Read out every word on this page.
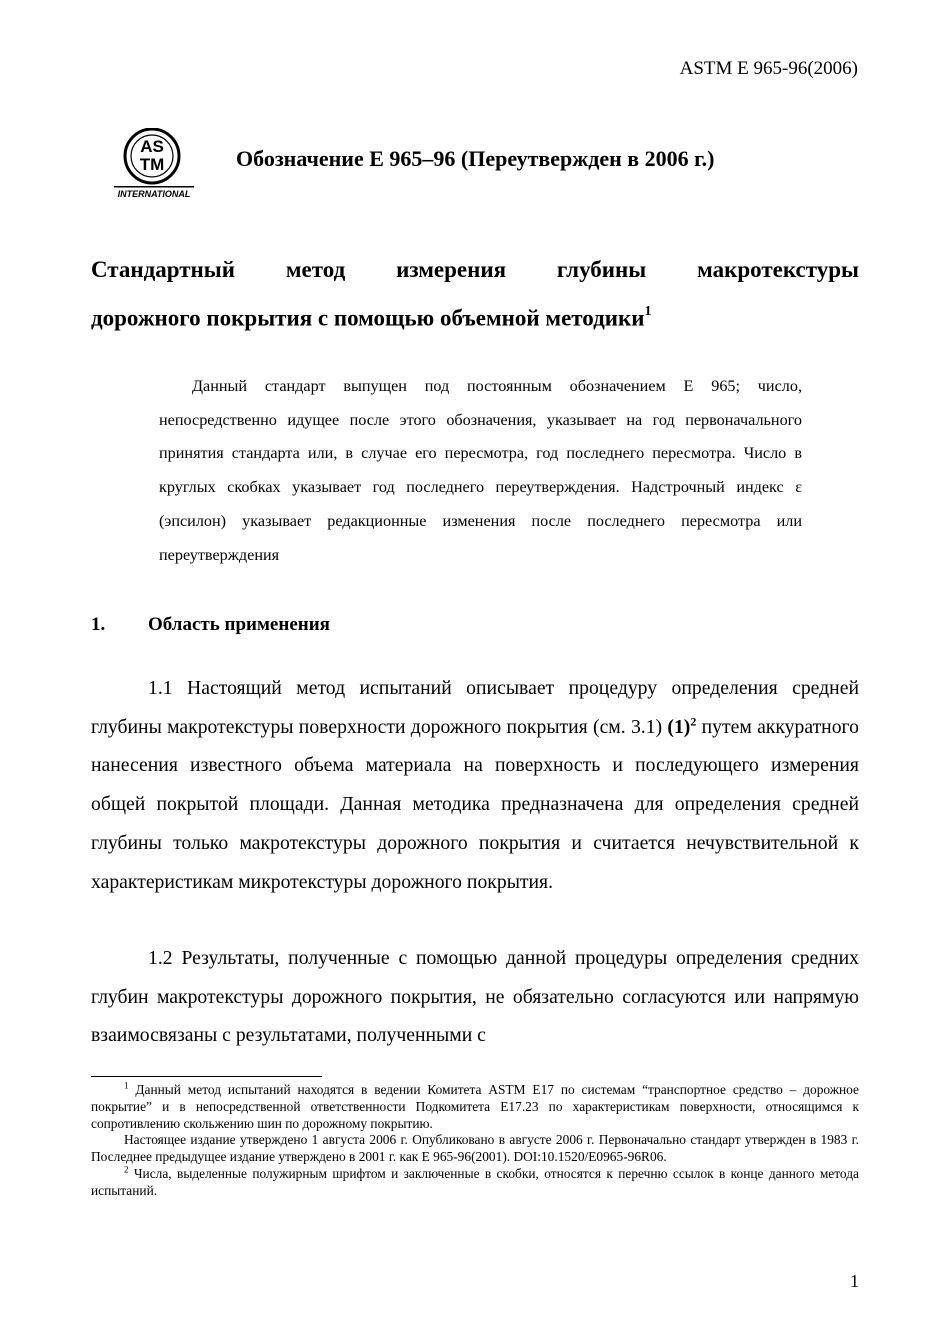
ASTM E 965-96(2006)
AS
TM
INTERNATIONAL
Обозначение E 965–96 (Переутвержден в 2006 г.)
Стандартный метод измерения глубины макротекстуры
дорожного покрытия с помощью объемной методики$^1$
Данный стандарт выпущен под постоянным обозначением Е 965; число, непосредственно идущее после этого обозначения, указывает на год первоначального принятия стандарта или, в случае его пересмотра, год последнего пересмотра. Число в круглых скобках указывает год последнего переутверждения. Надстрочный индекс ε (эпсилон) указывает редакционные изменения после последнего пересмотра или переутверждения
1. Область применения
1.1 Настоящий метод испытаний описывает процедуру определения средней глубины макротекстуры поверхности дорожного покрытия (см. 3.1) $(1)^2$ путем аккуратного нанесения известного объема материала на поверхность и последующего измерения общей покрытой площади. Данная методика предназначена для определения средней глубины только макротекстуры дорожного покрытия и считается нечувствительной к характеристикам микротекстуры дорожного покрытия.
1.2 Результаты, полученные с помощью данной процедуры определения средних глубин макротекстуры дорожного покрытия, не обязательно согласуются или напрямую взаимосвязаны с результатами, полученными с

$^1$ Данный метод испытаний находятся в ведении Комитета ASTM E17 по системам “транспортное средство – дорожное покрытие” и в непосредственной ответственности Подкомитета E17.23 по характеристикам поверхности, относящимся к сопротивлению скольжению шин по дорожному покрытию.

Настоящее издание утверждено 1 августа 2006 г. Опубликовано в августе 2006 г. Первоначально стандарт утвержден в 1983 г. Последнее предыдущее издание утверждено в 2001 г. как Е 965-96(2001). DOI:10.1520/E0965-96R06.

$^2$ Числа, выделенные полужирным шрифтом и заключенные в скобки, относятся к перечню ссылок в конце данного метода испытаний.

1
